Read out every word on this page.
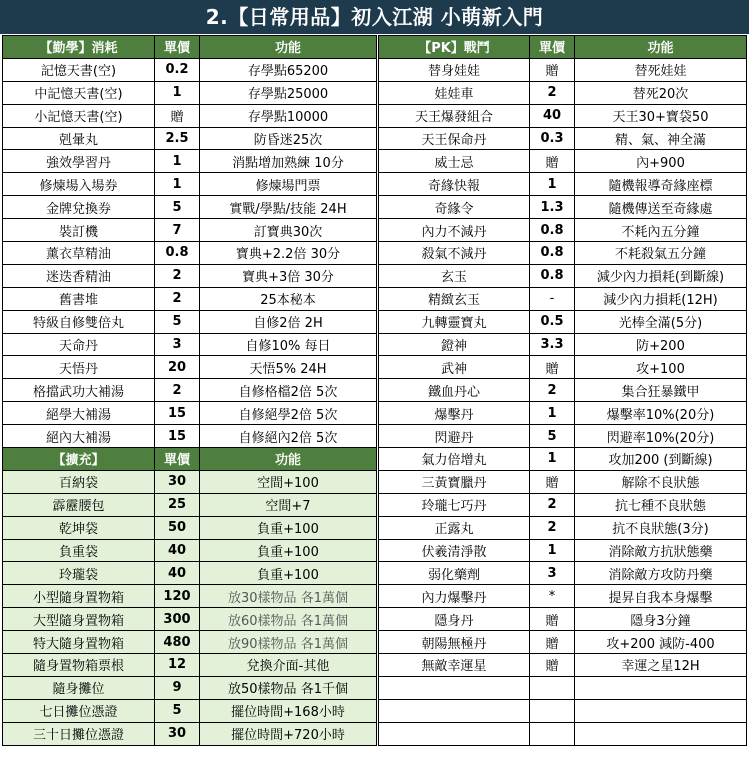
2.【日常用品】初入江湖 小萌新入門
【勤學】消耗	單價	功能
記憶天書(空)	0.2	存學點65200
中記憶天書(空)	1	存學點25000
小記憶天書(空)	贈	存學點10000
剋暈丸	2.5	防昏迷25次
強效學習丹	1	消點增加熟練 10分
修煉場入場券	1	修煉場門票
金牌兌換券	5	實戰/學點/技能 24H
裝訂機	7	訂寶典30次
薰衣草精油	0.8	寶典+2.2倍 30分
迷迭香精油	2	寶典+3倍 30分
舊書堆	2	25本秘本
特級自修雙倍丸	5	自修2倍 2H
天命丹	3	自修10% 每日
天悟丹	20	天悟5% 24H
格擋武功大補湯	2	自修格檔2倍 5次
絕學大補湯	15	自修絕學2倍 5次
絕內大補湯	15	自修絕內2倍 5次
【擴充】	單價	功能
百納袋	30	空間+100
霹靂腰包	25	空間+7
乾坤袋	50	負重+100
負重袋	40	負重+100
玲瓏袋	40	負重+100
小型隨身置物箱	120	放30樣物品 各1萬個
大型隨身置物箱	300	放60樣物品 各1萬個
特大隨身置物箱	480	放90樣物品 各1萬個
隨身置物箱票根	12	兌換介面-其他
隨身攤位	9	放50樣物品 各1千個
七日攤位憑證	5	擺位時間+168小時
三十日攤位憑證	30	擺位時間+720小時
【PK】戰鬥	單價	功能
替身娃娃	贈	替死娃娃
娃娃車	2	替死20次
天王爆發組合	40	天王30+寶袋50
天王保命丹	0.3	精、氣、神全滿
威士忌	贈	內+900
奇緣快報	1	隨機報導奇緣座標
奇緣令	1.3	隨機傳送至奇緣處
內力不減丹	0.8	不耗內五分鐘
殺氣不減丹	0.8	不耗殺氣五分鐘
玄玉	0.8	減少內力損耗(到斷線)
精緻玄玉	-	減少內力損耗(12H)
九轉靈寶丸	0.5	光棒全滿(5分)
鐙神	3.3	防+200
武神	贈	攻+100
鐵血丹心	2	集合狂暴鐵甲
爆擊丹	1	爆擊率10%(20分)
閃避丹	5	閃避率10%(20分)
氣力倍增丸	1	攻加200 (到斷線)
三黃寶臘丹	贈	解除不良狀態
玲瓏七巧丹	2	抗七種不良狀態
正露丸	2	抗不良狀態(3分)
伏羲清淨散	1	消除敵方抗狀態藥
弱化藥劑	3	消除敵方攻防丹藥
內力爆擊丹	*	提昇自我本身爆擊
隱身丹	贈	隱身3分鐘
朝陽無極丹	贈	攻+200 減防-400
無敵幸運星	贈	幸運之星12H
